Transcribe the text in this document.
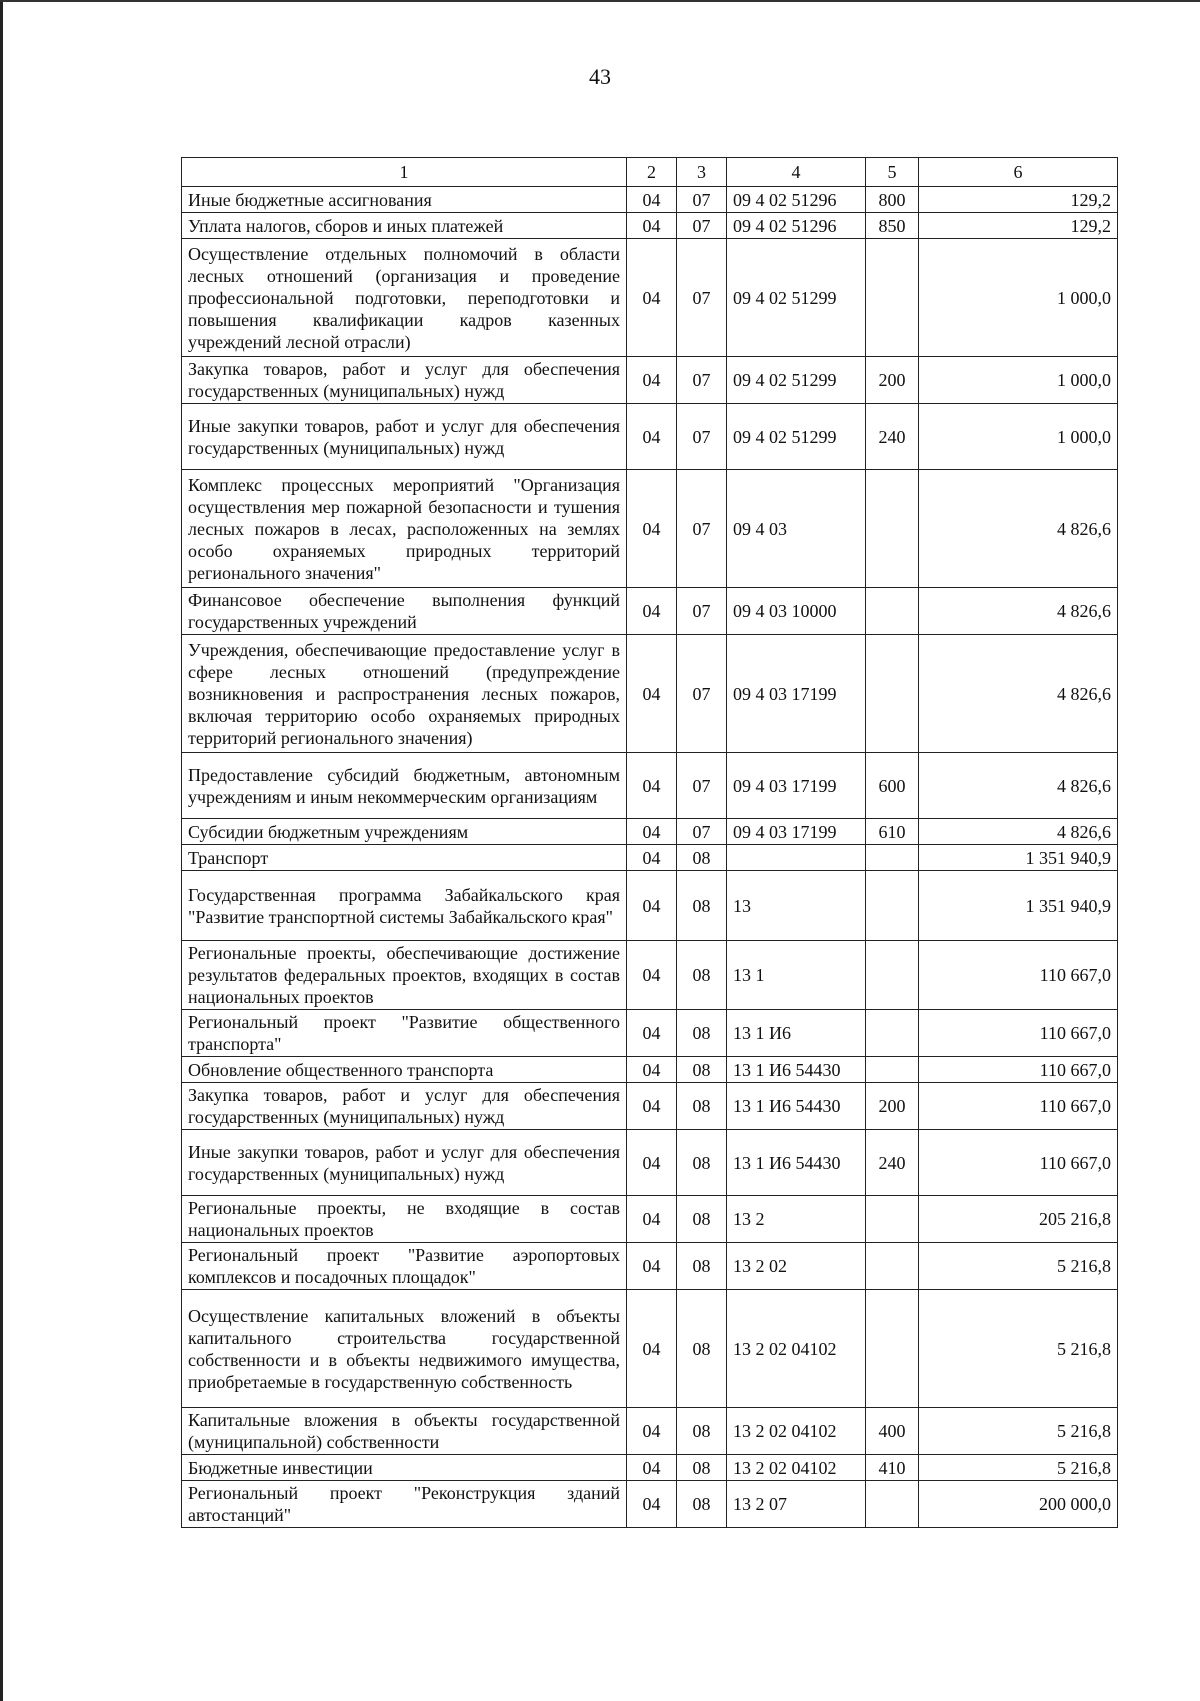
43
1	2	3	4	5	6
Иные бюджетные ассигнования	04	07	09 4 02 51296	800	129,2
Уплата налогов, сборов и иных платежей	04	07	09 4 02 51296	850	129,2
Осуществление отдельных полномочий в области лесных отношений (организация и проведение профессиональной подготовки, переподготовки и повышения квалификации кадров казенных учреждений лесной отрасли)	04	07	09 4 02 51299		1 000,0
Закупка товаров, работ и услуг для обеспечения государственных (муниципальных) нужд	04	07	09 4 02 51299	200	1 000,0
Иные закупки товаров, работ и услуг для обеспечения государственных (муниципальных) нужд	04	07	09 4 02 51299	240	1 000,0
Комплекс процессных мероприятий "Организация осуществления мер пожарной безопасности и тушения лесных пожаров в лесах, расположенных на землях особо охраняемых природных территорий регионального значения"	04	07	09 4 03		4 826,6
Финансовое обеспечение выполнения функций государственных учреждений	04	07	09 4 03 10000		4 826,6
Учреждения, обеспечивающие предоставление услуг в сфере лесных отношений (предупреждение возникновения и распространения лесных пожаров, включая территорию особо охраняемых природных территорий регионального значения)	04	07	09 4 03 17199		4 826,6
Предоставление субсидий бюджетным, автономным учреждениям и иным некоммерческим организациям	04	07	09 4 03 17199	600	4 826,6
Субсидии бюджетным учреждениям	04	07	09 4 03 17199	610	4 826,6
Транспорт	04	08			1 351 940,9
Государственная программа Забайкальского края "Развитие транспортной системы Забайкальского края"	04	08	13		1 351 940,9
Региональные проекты, обеспечивающие достижение результатов федеральных проектов, входящих в состав национальных проектов	04	08	13 1		110 667,0
Региональный проект "Развитие общественного транспорта"	04	08	13 1 И6		110 667,0
Обновление общественного транспорта	04	08	13 1 И6 54430		110 667,0
Закупка товаров, работ и услуг для обеспечения государственных (муниципальных) нужд	04	08	13 1 И6 54430	200	110 667,0
Иные закупки товаров, работ и услуг для обеспечения государственных (муниципальных) нужд	04	08	13 1 И6 54430	240	110 667,0
Региональные проекты, не входящие в состав национальных проектов	04	08	13 2		205 216,8
Региональный проект "Развитие аэропортовых комплексов и посадочных площадок"	04	08	13 2 02		5 216,8
Осуществление капитальных вложений в объекты капитального строительства государственной собственности и в объекты недвижимого имущества, приобретаемые в государственную собственность	04	08	13 2 02 04102		5 216,8
Капитальные вложения в объекты государственной (муниципальной) собственности	04	08	13 2 02 04102	400	5 216,8
Бюджетные инвестиции	04	08	13 2 02 04102	410	5 216,8
Региональный проект "Реконструкция зданий автостанций"	04	08	13 2 07		200 000,0
